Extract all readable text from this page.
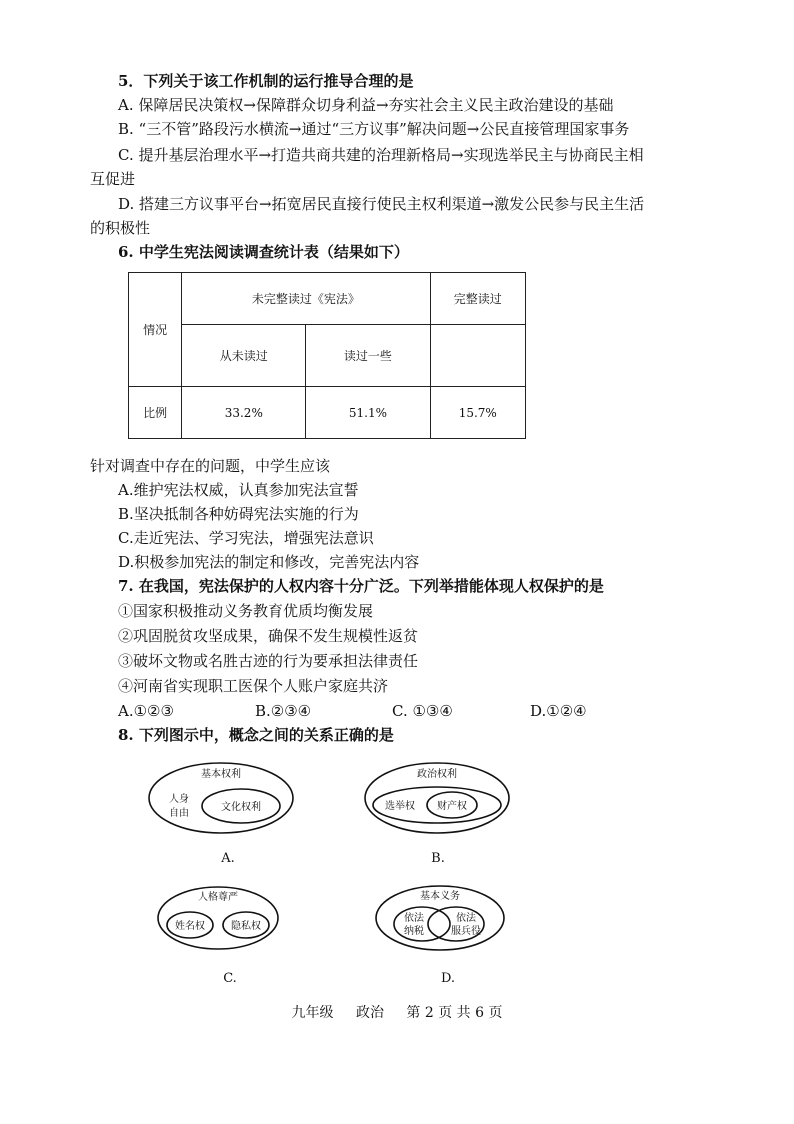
5．下列关于该工作机制的运行推导合理的是
A. 保障居民决策权→保障群众切身利益→夯实社会主义民主政治建设的基础
B. “三不管”路段污水横流→通过“三方议事”解决问题→公民直接管理国家事务
C. 提升基层治理水平→打造共商共建的治理新格局→实现选举民主与协商民主相
互促进
D. 搭建三方议事平台→拓宽居民直接行使民主权利渠道→激发公民参与民主生活
的积极性
6. 中学生宪法阅读调查统计表（结果如下）
情况	未完整读过《宪法》		完整读过
	从未读过	读过一些	
比例	33.2%	51.1%	15.7%
针对调查中存在的问题，中学生应该
A.维护宪法权威，认真参加宪法宣誓
B.坚决抵制各种妨碍宪法实施的行为
C.走近宪法、学习宪法，增强宪法意识
D.积极参加宪法的制定和修改，完善宪法内容
7. 在我国，宪法保护的人权内容十分广泛。下列举措能体现人权保护的是
①国家积极推动义务教育优质均衡发展
②巩固脱贫攻坚成果，确保不发生规模性返贫
③破坏文物或名胜古迹的行为要承担法律责任
④河南省实现职工医保个人账户家庭共济
A.①②③	B.②③④	C. ①③④	D.①②④
8. 下列图示中，概念之间的关系正确的是
基本权利
人身
自由
文化权利
A.
政治权利
选举权 财产权
B.
人格尊严
姓名权	隐私权
C.
基本义务
依法
纳税
依法
服兵役
D.
九年级 政治 第 2 页 共 6 页
